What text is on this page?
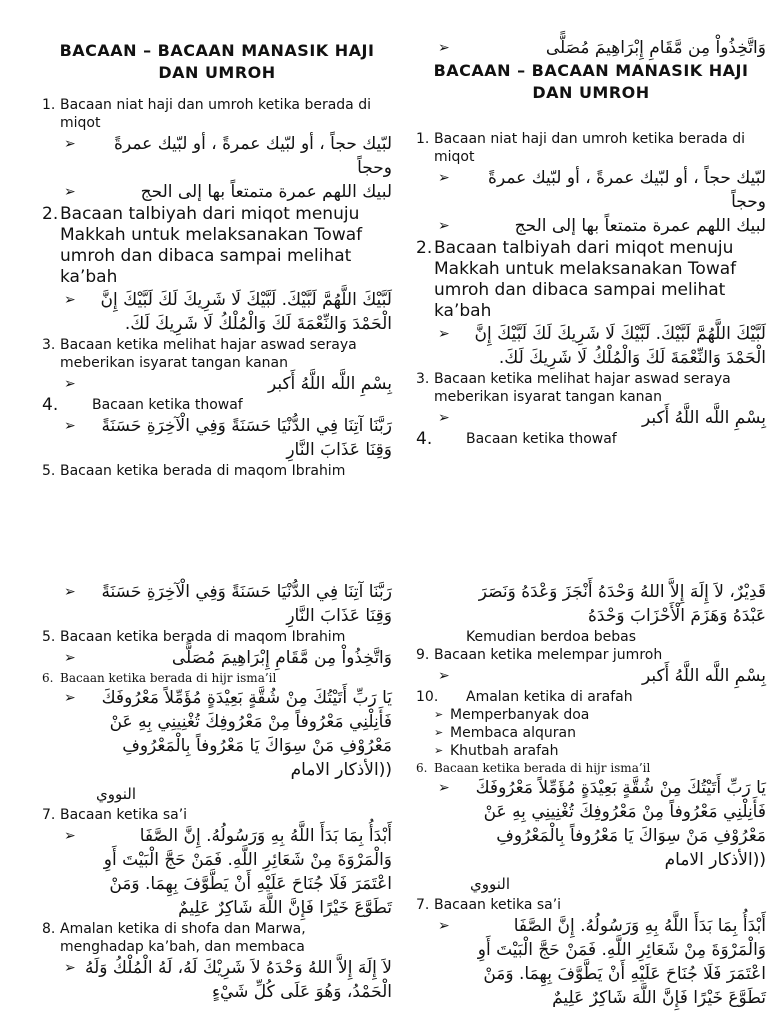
BACAAN – BACAAN MANASIK HAJI DAN UMROH
1. Bacaan niat haji dan umroh ketika berada di miqot
➢ لبّيك حجاً ، أو لبّيك عمرةً ، أو لبّيك عمرةً وحجاً
➢	لبيك اللهم عمرة متمتعاً بها إلى الحج
2. Bacaan talbiyah dari miqot menuju Makkah untuk melaksanakan Towaf umroh dan dibaca sampai melihat ka’bah
➢ لَبَّيْكَ اللَّهُمَّ لَبَّيْكَ. لَبَّيْكَ لَا شَرِيكَ لَكَ لَبَّيْكَ إِنَّ الْحَمْدَ وَالنِّعْمَةَ لَكَ وَالْمُلْكُ لَا شَرِيكَ لَكَ.
3. Bacaan ketika melihat hajar aswad seraya meberikan isyarat tangan kanan
➢	بِسْمِ اللَّه اللَّهُ أَكبر
4. Bacaan ketika thowaf
➢ رَبَّنَا آتِنَا فِي الدُّنْيَا حَسَنَةً وَفِي الْآخِرَةِ حَسَنَةً وَقِنَا عَذَابَ النَّارِ
5. Bacaan ketika berada di maqom Ibrahim
➢	وَاتَّخِذُواْ مِن مَّقَامِ إِبْرَاهِيمَ مُصَلًّى
BACAAN – BACAAN MANASIK HAJI DAN UMROH
1. Bacaan niat haji dan umroh ketika berada di miqot
➢ لبّيك حجاً ، أو لبّيك عمرةً ، أو لبّيك عمرةً وحجاً
➢	لبيك اللهم عمرة متمتعاً بها إلى الحج
2. Bacaan talbiyah dari miqot menuju Makkah untuk melaksanakan Towaf umroh dan dibaca sampai melihat ka’bah
➢ لَبَّيْكَ اللَّهُمَّ لَبَّيْكَ. لَبَّيْكَ لَا شَرِيكَ لَكَ لَبَّيْكَ إِنَّ الْحَمْدَ وَالنِّعْمَةَ لَكَ وَالْمُلْكُ لَا شَرِيكَ لَكَ.
3. Bacaan ketika melihat hajar aswad seraya meberikan isyarat tangan kanan
➢	بِسْمِ اللَّه اللَّهُ أَكبر
4. Bacaan ketika thowaf
➢ رَبَّنَا آتِنَا فِي الدُّنْيَا حَسَنَةً وَفِي الْآخِرَةِ حَسَنَةً وَقِنَا عَذَابَ النَّارِ
5. Bacaan ketika berada di maqom Ibrahim
➢	وَاتَّخِذُواْ مِن مَّقَامِ إِبْرَاهِيمَ مُصَلًّى
6. Bacaan ketika berada di hijr isma’il
➢ يَا رَبِّ أَتَيْتُكَ مِنْ شُقَّةٍ بَعِيْدَةٍ مُؤَمِّلاً مَعْرُوفَكَ فَأَنِلْنِي مَعْرُوفاً مِنْ مَعْرُوفِكَ تُغْنِينِي بِهِ عَنْ مَعْرُوْفِ مَنْ سِوَاكَ يَا مَعْرُوفاً بِالْمَعْرُوفِ ((الأذكار الامام
النووي
7. Bacaan ketika sa’i
➢	أَبْدَأُ بِمَا بَدَأَ اللَّهُ بِهِ وَرَسُولُهُ. إِنَّ الصَّفَا وَالْمَرْوَةَ مِنْ شَعَائِرِ اللَّهِ. فَمَنْ حَجَّ الْبَيْتَ أَوِ اعْتَمَرَ فَلَا جُنَاحَ عَلَيْهِ أَنْ يَطَّوَّفَ بِهِمَا. وَمَنْ تَطَوَّعَ خَيْرًا فَإِنَّ اللَّهَ شَاكِرٌ عَلِيمٌ
8. Amalan ketika di shofa dan Marwa, menghadap ka’bah, dan membaca
➢ لاَ إِلَهَ إِلاَّ اللهُ وَحْدَهُ لاَ شَرِيْكَ لَهُ، لَهُ الْمُلْكُ وَلَهُ الْحَمْدُ، وَهُوَ عَلَى كُلِّ شَيْءٍ
قَدِيْرٌ، لاَ إِلَهَ إِلاَّ اللهُ وَحْدَهُ أَنْجَزَ وَعْدَهُ وَنَصَرَ عَبْدَهُ وَهَزَمَ الْأَحْزَابَ وَحْدَهُ
Kemudian berdoa bebas
9. Bacaan ketika melempar jumroh
➢	بِسْمِ اللَّه اللَّهُ أَكبر
10. Amalan ketika di arafah
➢ Memperbanyak doa
➢ Membaca alquran
➢ Khutbah arafah
6. Bacaan ketika berada di hijr isma’il
➢ يَا رَبِّ أَتَيْتُكَ مِنْ شُقَّةٍ بَعِيْدَةٍ مُؤَمِّلاً مَعْرُوفَكَ فَأَنِلْنِي مَعْرُوفاً مِنْ مَعْرُوفِكَ تُغْنِينِي بِهِ عَنْ مَعْرُوْفِ مَنْ سِوَاكَ يَا مَعْرُوفاً بِالْمَعْرُوفِ ((الأذكار الامام
النووي
7. Bacaan ketika sa’i
➢	أَبْدَأُ بِمَا بَدَأَ اللَّهُ بِهِ وَرَسُولُهُ. إِنَّ الصَّفَا وَالْمَرْوَةَ مِنْ شَعَائِرِ اللَّهِ. فَمَنْ حَجَّ الْبَيْتَ أَوِ اعْتَمَرَ فَلَا جُنَاحَ عَلَيْهِ أَنْ يَطَّوَّفَ بِهِمَا. وَمَنْ تَطَوَّعَ خَيْرًا فَإِنَّ اللَّهَ شَاكِرٌ عَلِيمٌ
